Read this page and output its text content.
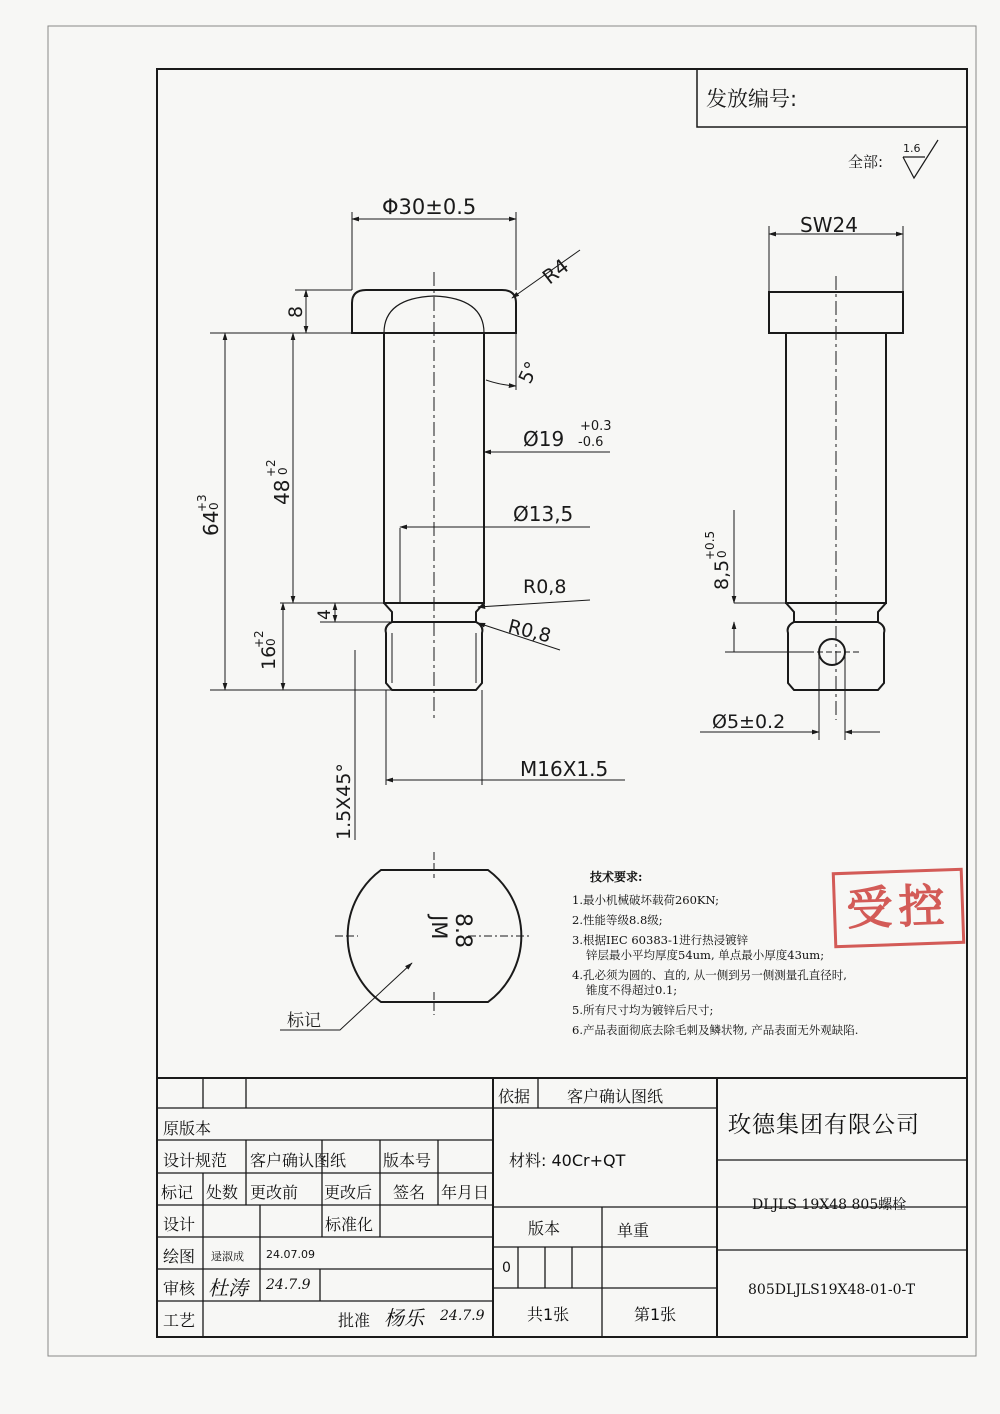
发放编号:
全部:
1.6
Φ30±0.5
R4
8
5°
Ø19
+0.3
-0.6
64
+3
0
48
+2
0
Ø13,5
R0,8
R0,8
4
16
+2
0
1.5X45°	M16X1.5
SW24
8,5
+0.5
0
Ø5±0.2
JM 8.8
标记
技术要求:
1.最小机械破坏载荷260KN;
2.性能等级8.8级;
3.根据IEC 60383-1进行热浸镀锌
锌层最小平均厚度54um, 单点最小厚度43um;
4.孔必须为圆的、直的, 从一侧到另一侧测量孔直径时,
锥度不得超过0.1;
5.所有尺寸均为镀锌后尺寸;
6.产品表面彻底去除毛刺及鳞状物, 产品表面无外观缺陷.
受控
依据 客户确认图纸
原版本
设计规范 客户确认图纸 版本号	材料: 40Cr+QT
标记 处数 更改前 更改后 签名 年月日
设计	标准化
绘图 逯淑成 24.07.09
审核 杜涛 24.7.9
工艺	批准 杨乐 24.7.9
版本	单重
0
共1张	第1张
玫德集团有限公司
DLJLS 19X48 805螺栓
805DLJLS19X48-01-0-T
